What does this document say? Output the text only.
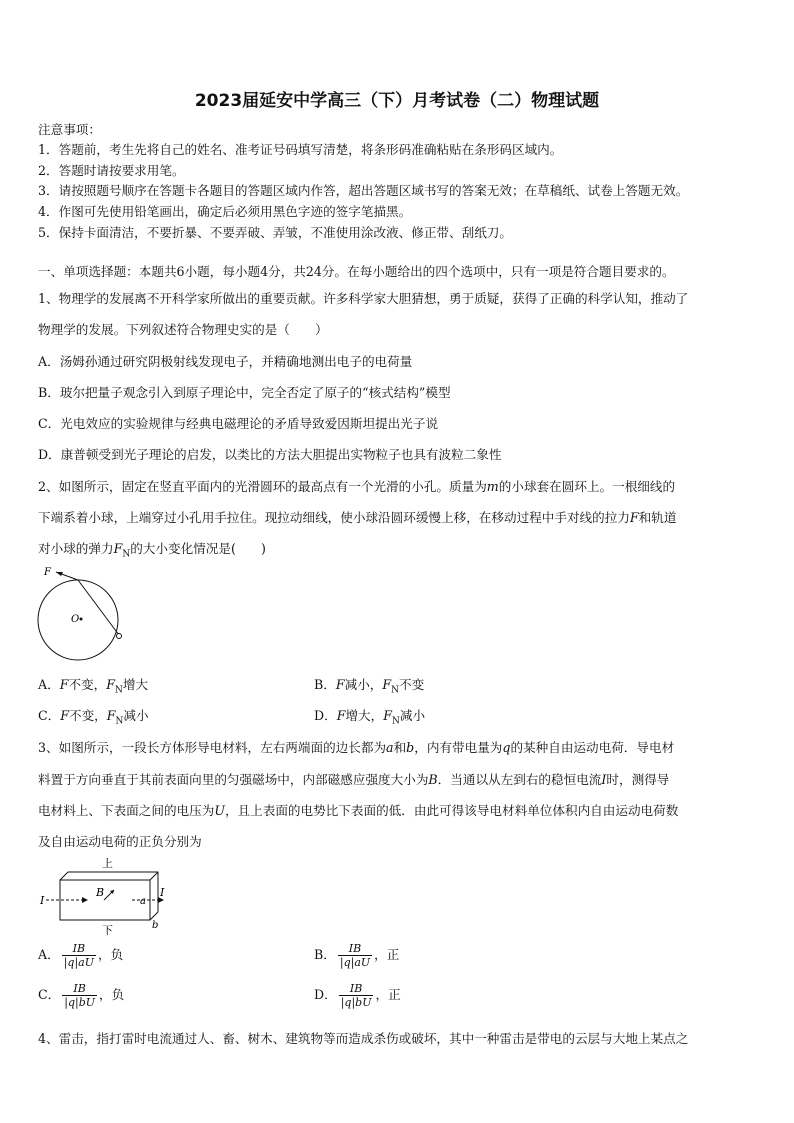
2023届延安中学高三（下）月考试卷（二）物理试题
注意事项：
1．答题前，考生先将自己的姓名、准考证号码填写清楚，将条形码准确粘贴在条形码区域内。
2．答题时请按要求用笔。
3．请按照题号顺序在答题卡各题目的答题区域内作答，超出答题区域书写的答案无效；在草稿纸、试卷上答题无效。
4．作图可先使用铅笔画出，确定后必须用黑色字迹的签字笔描黑。
5．保持卡面清洁，不要折暴、不要弄破、弄皱，不准使用涂改液、修正带、刮纸刀。
一、单项选择题：本题共6小题，每小题4分，共24分。在每小题给出的四个选项中，只有一项是符合题目要求的。
1、物理学的发展离不开科学家所做出的重要贡献。许多科学家大胆猜想，勇于质疑，获得了正确的科学认知，推动了
物理学的发展。下列叙述符合物理史实的是（　　）
A．汤姆孙通过研究阴极射线发现电子，并精确地测出电子的电荷量
B．玻尔把量子观念引入到原子理论中，完全否定了原子的“核式结构”模型
C．光电效应的实验规律与经典电磁理论的矛盾导致爱因斯坦提出光子说
D．康普顿受到光子理论的启发，以类比的方法大胆提出实物粒子也具有波粒二象性
2、如图所示，固定在竖直平面内的光滑圆环的最高点有一个光滑的小孔。质量为m的小球套在圆环上。一根细线的
下端系着小球，上端穿过小孔用手拉住。现拉动细线，使小球沿圆环缓慢上移，在移动过程中手对线的拉力F和轨道
对小球的弹力$F_N$的大小变化情况是(　　)
F
O
A．F不变，$F_N$增大	B．F减小，$F_N$不变
C．F不变，$F_N$减小	D．F增大，$F_N$减小
3、如图所示，一段长方体形导电材料，左右两端面的边长都为a和b，内有带电量为q的某种自由运动电荷．导电材
料置于方向垂直于其前表面向里的匀强磁场中，内部磁感应强度大小为B．当通以从左到右的稳恒电流I时，测得导
电材料上、下表面之间的电压为U，且上表面的电势比下表面的低．由此可得该导电材料单位体积内自由运动电荷数
及自由运动电荷的正负分别为
上
I
I
B
a
b
下
A． $\frac{IB}{|q|aU}$ ，负	B． $\frac{IB}{|q|aU}$ ，正
C． $\frac{IB}{|q|bU}$ ，负	D． $\frac{IB}{|q|bU}$ ，正
4、雷击，指打雷时电流通过人、畜、树木、建筑物等而造成杀伤或破坏，其中一种雷击是带电的云层与大地上某点之
